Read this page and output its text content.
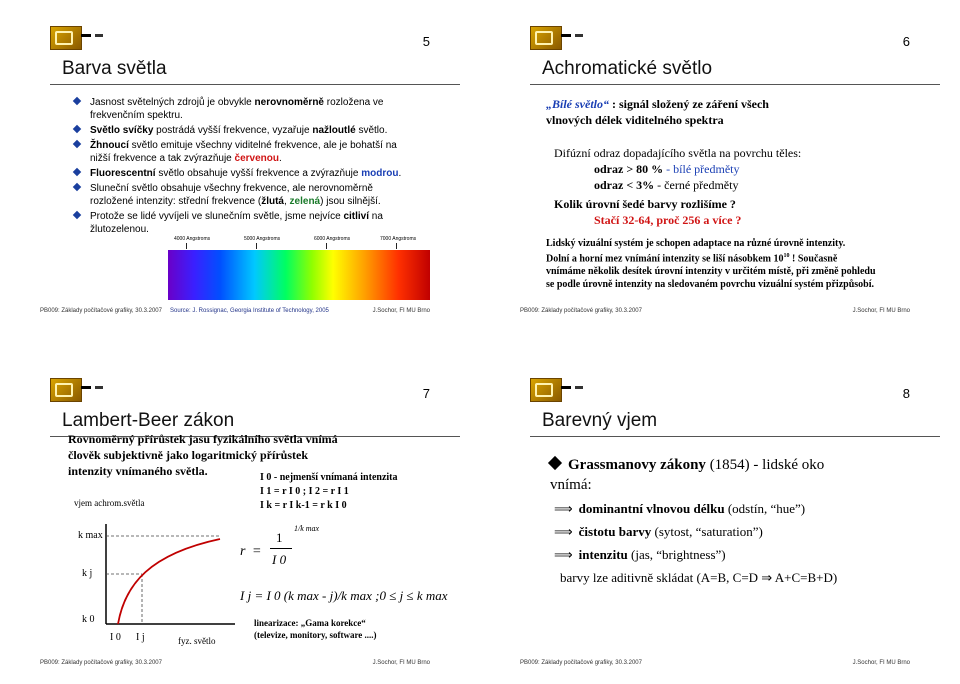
5
Barva světla
Jasnost světelných zdrojů je obvykle nerovnoměrně rozložena ve frekvenčním spektru.
Světlo svíčky postrádá vyšší frekvence, vyzařuje nažloutlé světlo.
Žhnoucí světlo emituje všechny viditelné frekvence, ale je bohatší na nižší frekvence a tak zvýrazňuje červenou.
Fluorescentní světlo obsahuje vyšší frekvence a zvýrazňuje modrou.
Sluneční světlo obsahuje všechny frekvence, ale nerovnoměrně rozložené intenzity: střední frekvence (žlutá, zelená) jsou silnější.
Protože se lidé vyvíjeli ve slunečním světle, jsme nejvíce citliví na žlutozelenou.
4000 Angstroms	5000 Angstroms	6000 Angstroms	7000 Angstroms
PB009: Základy počítačové grafiky, 30.3.2007 Source: J. Rossignac, Georgia Institute of Technology, 2005	J.Sochor, FI MU Brno
6
Achromatické světlo
„Bílé světlo“ : signál složený ze záření všech
vlnových délek viditelného spektra
Difúzní odraz dopadajícího světla na povrchu těles:
odraz > 80 % - bílé předměty
odraz < 3% - černé předměty
Kolik úrovní šedé barvy rozlišíme ?
Stačí 32-64, proč 256 a více ?
Lidský vizuální systém je schopen adaptace na různé úrovně intenzity.
Dolní a horní mez vnímání intenzity se liší násobkem $10^{10}$ ! Současně
vnímáme několik desítek úrovní intenzity v určitém místě, při změně pohledu
se podle úrovně intenzity na sledovaném povrchu vizuální systém přizpůsobí.
PB009: Základy počítačové grafiky, 30.3.2007	J.Sochor, FI MU Brno
7
Lambert-Beer zákon
Rovnoměrný přírůstek jasu fyzikálního světla vnímá
člověk subjektivně jako logaritmický přírůstek
intenzity vnímaného světla.	I 0 - nejmenší vnímaná intenzita
I 1 = r I 0 ; I 2 = r I 1
I k = r I k-1 = r k I 0
vjem achrom.světla
k max
k j
k 0
I 0 I j	fyz. světlo
r =
1
I 0
1/k max
I j = I 0 (k max - j)/k max ;0 ≤ j ≤ k max
linearizace: „Gama korekce“
(televize, monitory, software ....)
PB009: Základy počítačové grafiky, 30.3.2007	J.Sochor, FI MU Brno
8
Barevný vjem
Grassmanovy zákony (1854) - lidské oko
vnímá:
⟹ dominantní vlnovou délku (odstín, “hue”)
⟹ čistotu barvy (sytost, “saturation”)
⟹ intenzitu (jas, “brightness”)
barvy lze aditivně skládat (A=B, C=D ⇒ A+C=B+D)
PB009: Základy počítačové grafiky, 30.3.2007	J.Sochor, FI MU Brno
